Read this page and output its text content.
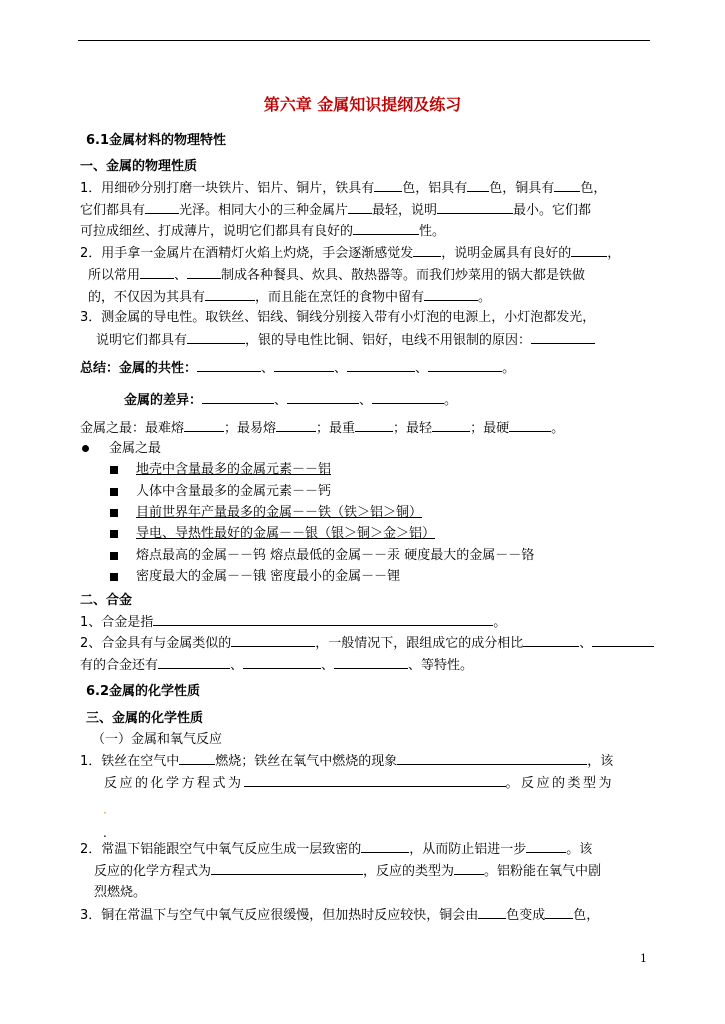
第六章 金属知识提纲及练习
6.1金属材料的物理特性
一、金属的物理性质
1．用细砂分别打磨一块铁片、铝片、铜片，铁具有 色，铝具有 色，铜具有 色，
它们都具有	光泽。相同大小的三种金属片 最轻，说明	最小。它们都
可拉成细丝、打成薄片，说明它们都具有良好的	性。
2．用手拿一金属片在酒精灯火焰上灼烧，手会逐渐感觉发 ，说明金属具有良好的	，
所以常用	、	制成各种餐具、炊具、散热器等。而我们炒菜用的锅大都是铁做
的，不仅因为其具有	，而且能在烹饪的食物中留有	。
3．测金属的导电性。取铁丝、铝线、铜线分别接入带有小灯泡的电源上，小灯泡都发光，
说明它们都具有	，银的导电性比铜、铝好，电线不用银制的原因：
总结：金属的共性：	、	、	、	。
金属的差异：	、	、	。
金属之最：最难熔	；最易熔	；最重	；最轻	；最硬	。
金属之最
地壳中含量最多的金属元素－－铝
人体中含量最多的金属元素－－钙
目前世界年产量最多的金属－－铁（铁＞铝＞铜）
导电、导热性最好的金属－－银（银＞铜＞金＞铝）
熔点最高的金属－－钨 熔点最低的金属－－汞 硬度最大的金属－－铬
密度最大的金属－－锇 密度最小的金属－－锂
二、合金
1、合金是指	。
2、合金具有与金属类似的	，一般情况下，跟组成它的成分相比	、
有的合金还有	、	、	、等特性。
6.2金属的化学性质
三、金属的化学性质
（一）金属和氧气反应
1．铁丝在空气中	燃烧；铁丝在氧气中燃烧的现象	，该
反应的化学方程式为	。反应的类型为
·
.
2．常温下铝能跟空气中氧气反应生成一层致密的	，从而防止铝进一步	。该
反应的化学方程式为	，反应的类型为 。铝粉能在氧气中剧
烈燃烧。
3．铜在常温下与空气中氧气反应很缓慢，但加热时反应较快，铜会由 色变成 色，
1
